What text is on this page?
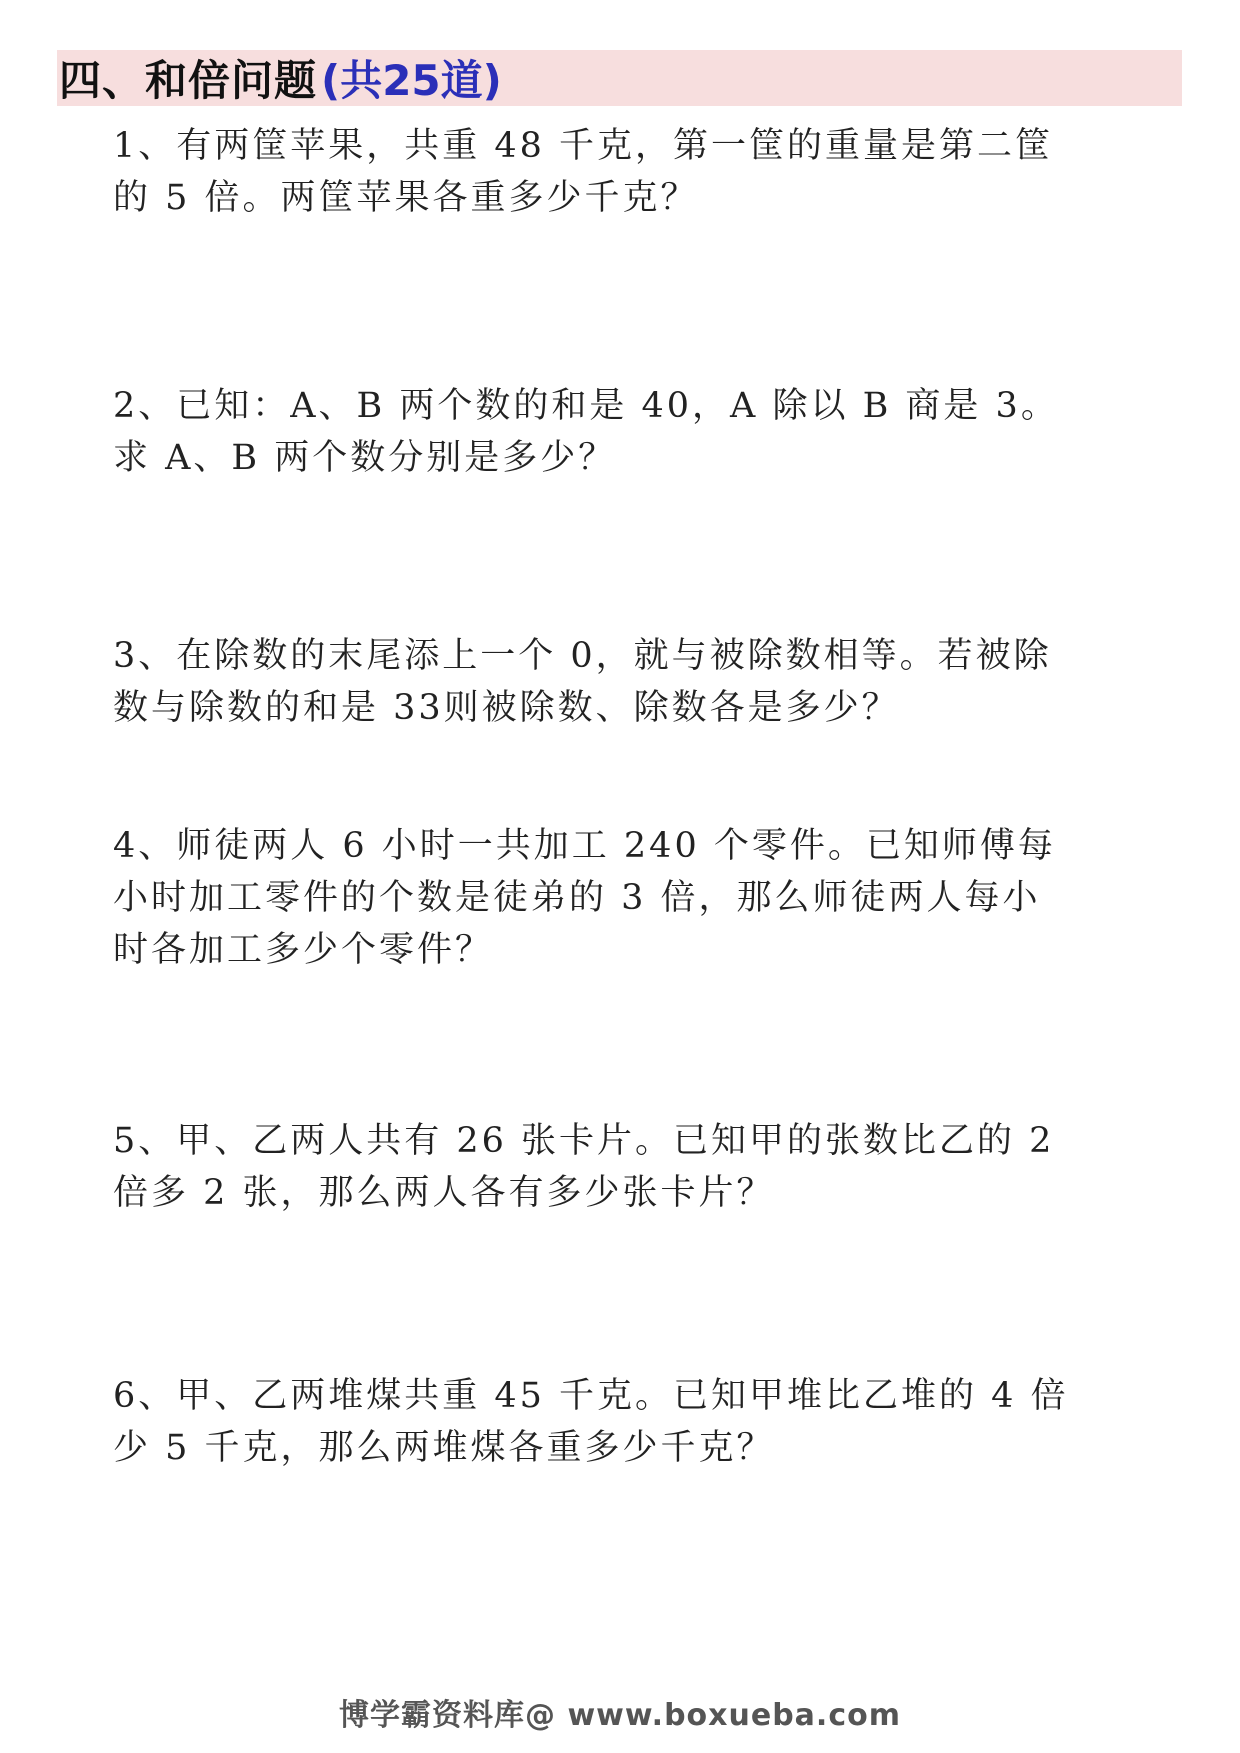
四、和倍问题 (共25道)
1、有两筐苹果，共重 48 千克，第一筐的重量是第二筐的 5 倍。两筐苹果各重多少千克？
2、已知：A、B 两个数的和是 40，A 除以 B 商是 3。求 A、B 两个数分别是多少？
3、在除数的末尾添上一个 0，就与被除数相等。若被除数与除数的和是 33则被除数、除数各是多少？
4、师徒两人 6 小时一共加工 240 个零件。已知师傅每小时加工零件的个数是徒弟的 3 倍，那么师徒两人每小时各加工多少个零件？
5、甲、乙两人共有 26 张卡片。已知甲的张数比乙的 2 倍多 2 张，那么两人各有多少张卡片？
6、甲、乙两堆煤共重 45 千克。已知甲堆比乙堆的 4 倍少 5 千克，那么两堆煤各重多少千克？
博学霸资料库@ www.boxueba.com
